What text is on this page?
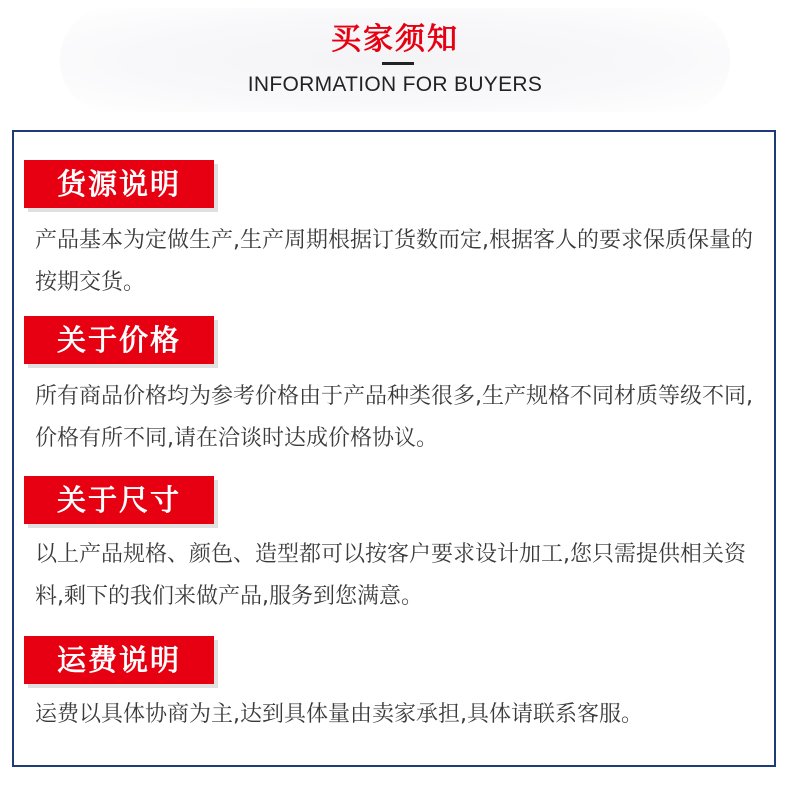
买家须知
INFORMATION FOR BUYERS
货源说明

产品基本为定做生产,生产周期根据订货数而定,根据客人的要求保质保量的按期交货。

关于价格

所有商品价格均为参考价格由于产品种类很多,生产规格不同材质等级不同,价格有所不同,请在洽谈时达成价格协议。

关于尺寸

以上产品规格、颜色、造型都可以按客户要求设计加工,您只需提供相关资料,剩下的我们来做产品,服务到您满意。

运费说明

运费以具体协商为主,达到具体量由卖家承担,具体请联系客服。
